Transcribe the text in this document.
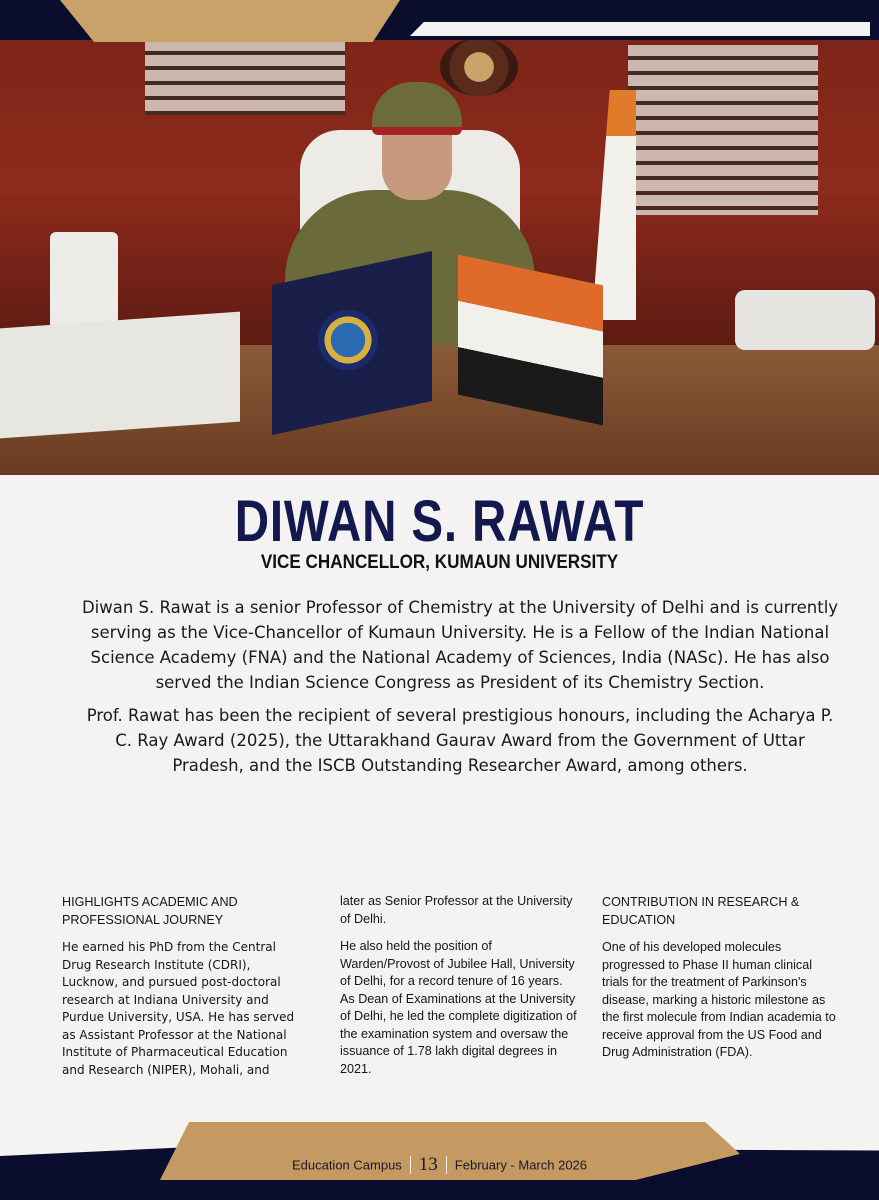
DIWAN S. RAWAT
VICE CHANCELLOR, KUMAUN UNIVERSITY

Diwan S. Rawat is a senior Professor of Chemistry at the University of Delhi and is currently serving as the Vice-Chancellor of Kumaun University. He is a Fellow of the Indian National Science Academy (FNA) and the National Academy of Sciences, India (NASc). He has also served the Indian Science Congress as President of its Chemistry Section.

Prof. Rawat has been the recipient of several prestigious honours, including the Acharya P. C. Ray Award (2025), the Uttarakhand Gaurav Award from the Government of Uttar Pradesh, and the ISCB Outstanding Researcher Award, among others.

HIGHLIGHTS ACADEMIC AND PROFESSIONAL JOURNEY

He earned his PhD from the Central Drug Research Institute (CDRI), Lucknow, and pursued post-doctoral research at Indiana University and Purdue University, USA. He has served as Assistant Professor at the National Institute of Pharmaceutical Education and Research (NIPER), Mohali, and

later as Senior Professor at the University of Delhi.

He also held the position of Warden/Provost of Jubilee Hall, University of Delhi, for a record tenure of 16 years. As Dean of Examinations at the University of Delhi, he led the complete digitization of the examination system and oversaw the issuance of 1.78 lakh digital degrees in 2021.

CONTRIBUTION IN RESEARCH & EDUCATION

One of his developed molecules progressed to Phase II human clinical trials for the treatment of Parkinson's disease, marking a historic milestone as the first molecule from Indian academia to receive approval from the US Food and Drug Administration (FDA).

Education Campus 13 February - March 2026
